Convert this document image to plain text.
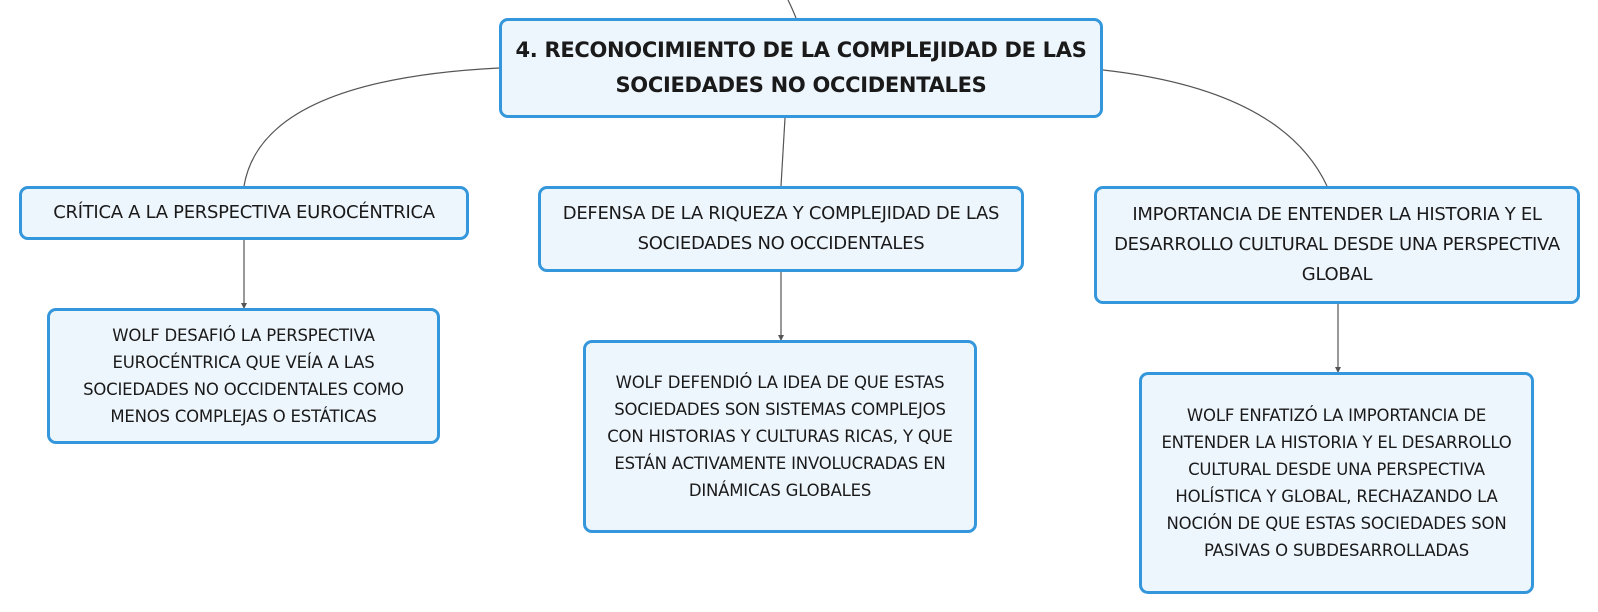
4. RECONOCIMIENTO DE LA COMPLEJIDAD DE LAS SOCIEDADES NO OCCIDENTALES
CRÍTICA A LA PERSPECTIVA EUROCÉNTRICA
WOLF DESAFIÓ LA PERSPECTIVA EUROCÉNTRICA QUE VEÍA A LAS SOCIEDADES NO OCCIDENTALES COMO MENOS COMPLEJAS O ESTÁTICAS
DEFENSA DE LA RIQUEZA Y COMPLEJIDAD DE LAS SOCIEDADES NO OCCIDENTALES
WOLF DEFENDIÓ LA IDEA DE QUE ESTAS SOCIEDADES SON SISTEMAS COMPLEJOS CON HISTORIAS Y CULTURAS RICAS, Y QUE ESTÁN ACTIVAMENTE INVOLUCRADAS EN DINÁMICAS GLOBALES
IMPORTANCIA DE ENTENDER LA HISTORIA Y EL DESARROLLO CULTURAL DESDE UNA PERSPECTIVA GLOBAL
WOLF ENFATIZÓ LA IMPORTANCIA DE ENTENDER LA HISTORIA Y EL DESARROLLO CULTURAL DESDE UNA PERSPECTIVA HOLÍSTICA Y GLOBAL, RECHAZANDO LA NOCIÓN DE QUE ESTAS SOCIEDADES SON PASIVAS O SUBDESARROLLADAS
